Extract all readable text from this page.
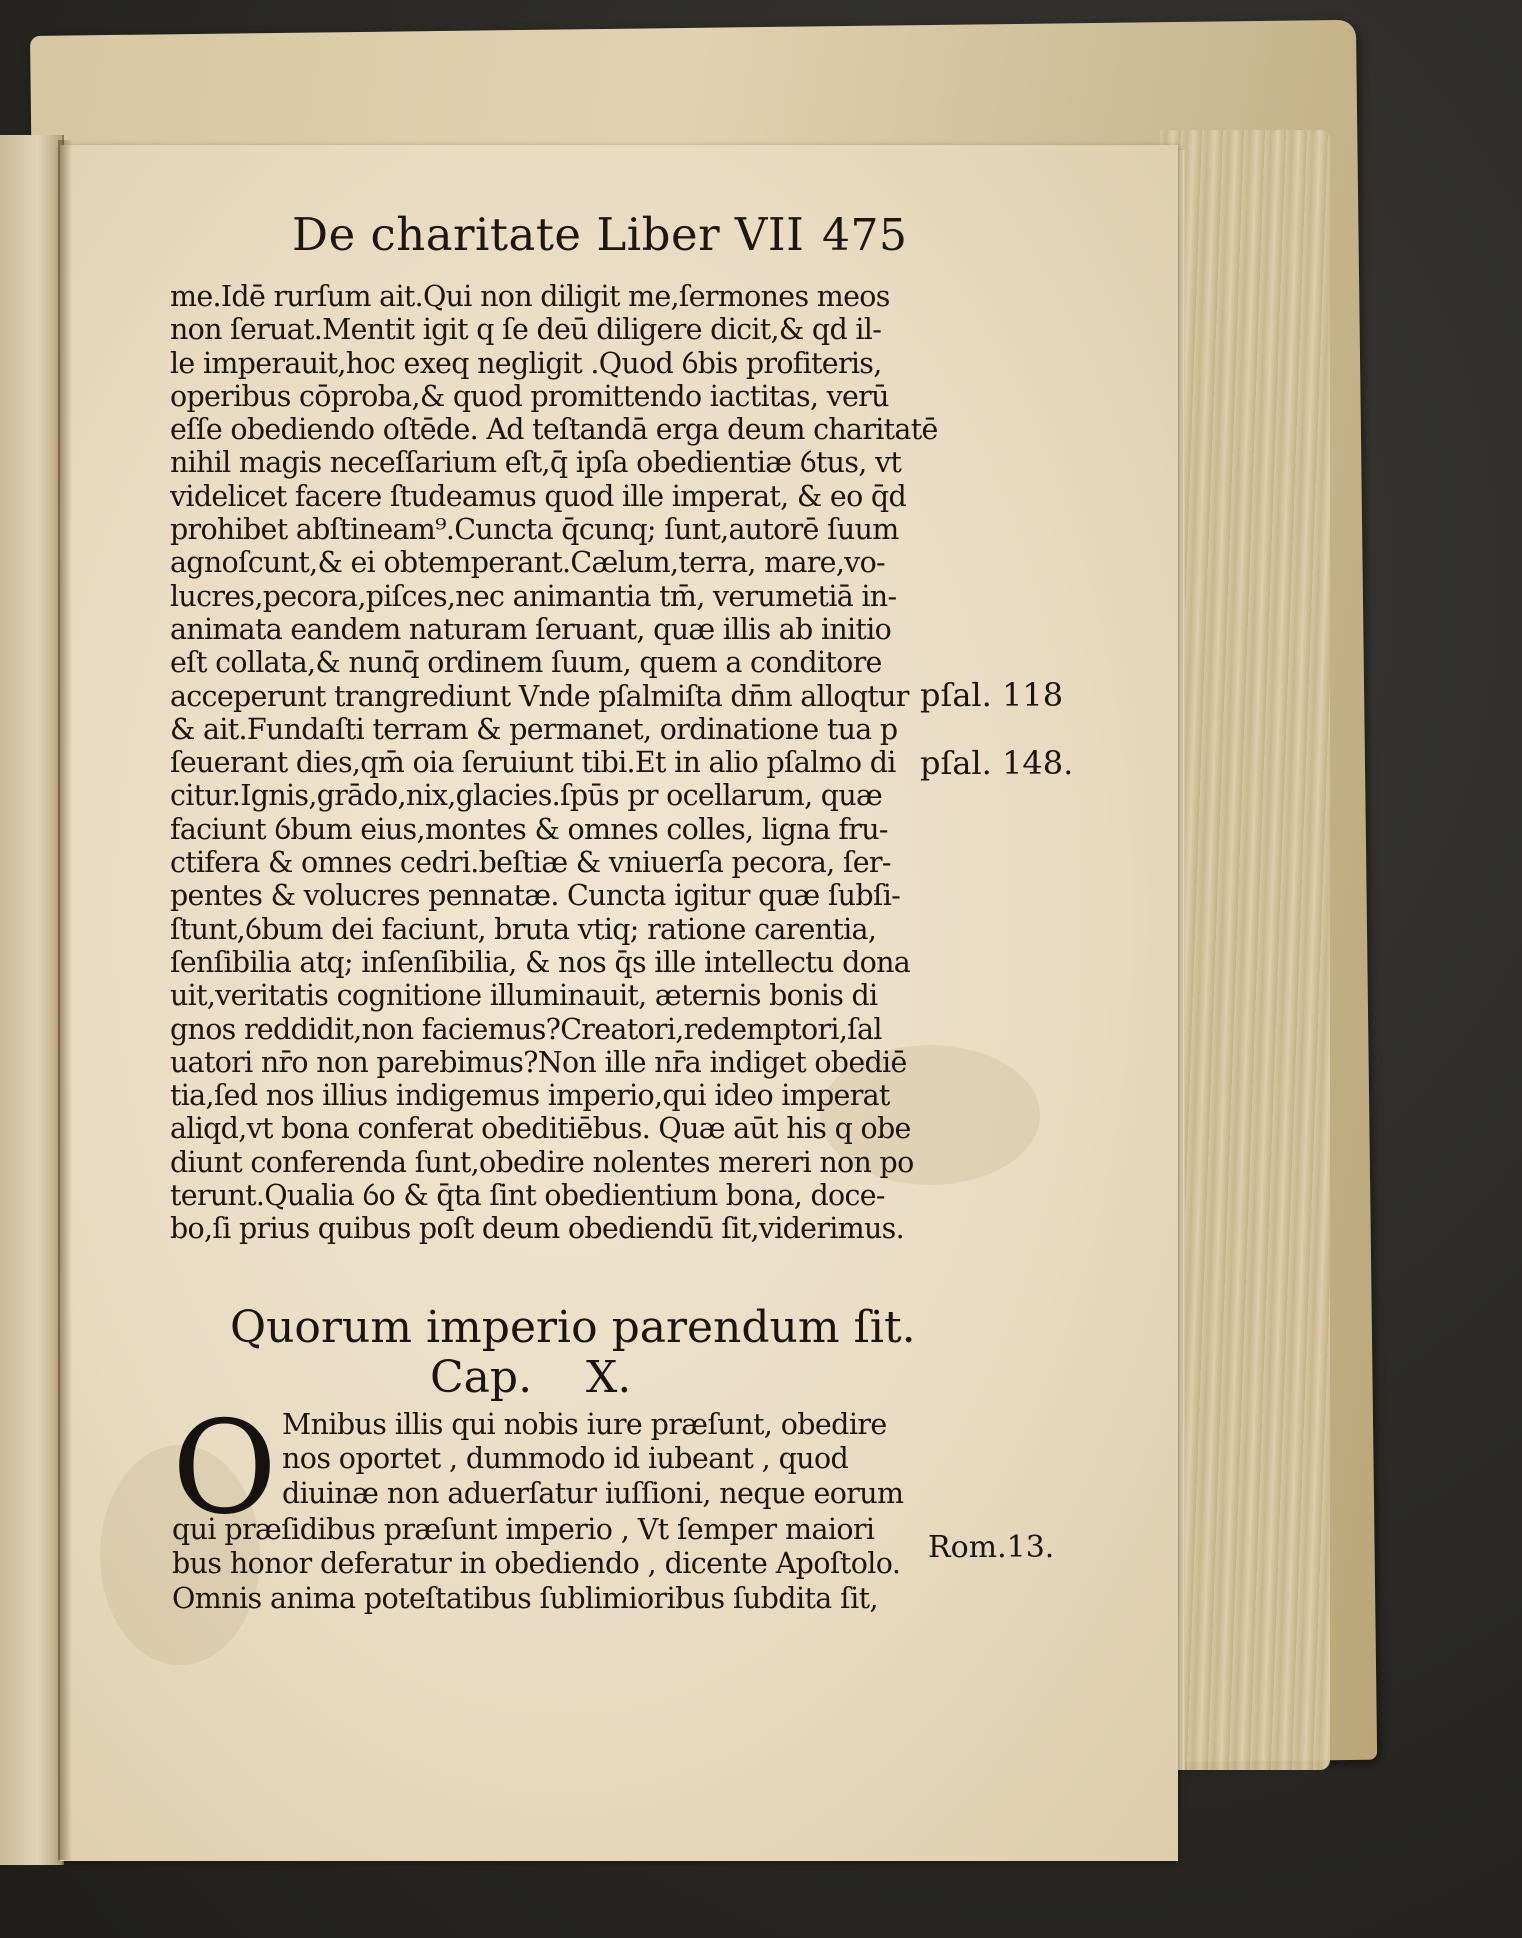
De charitate Liber VII 475
me.Idē rurſum ait.Qui non diligit me,ſermones meos
non ſeruat.Mentit igit q ſe deū diligere dicit,& qd il-
le imperauit,hoc exeq negligit .Quod ỽbis profiteris,
operibus cōproba,& quod promittendo iactitas, verū
eſſe obediendo oſtēde. Ad teſtandā erga deum charitatē
nihil magis neceſſarium eſt,q̄ ipſa obedientiæ ỽtus, vt
videlicet facere ſtudeamus quod ille imperat, & eo q̄d
prohibet abſtineam⁹.Cuncta q̄cunq; ſunt,autorē ſuum
agnoſcunt,& ei obtemperant.Cælum,terra, mare,vo-
lucres,pecora,piſces,nec animantia tm̄, verumetiā in-
animata eandem naturam ſeruant, quæ illis ab initio
eſt collata,& nunq̄ ordinem ſuum, quem a conditore
acceperunt trangrediunt Vnde pſalmiſta dn̄m alloqtur
& ait.Fundaſti terram & permanet, ordinatione tua p
ſeuerant dies,qm̄ oia ſeruiunt tibi.Et in alio pſalmo di
citur.Ignis,grādo,nix,glacies.ſpūs pr ocellarum, quæ
faciunt ỽbum eius,montes & omnes colles, ligna fru-
ctifera & omnes cedri.beſtiæ & vniuerſa pecora, ſer-
pentes & volucres pennatæ. Cuncta igitur quæ ſubſi-
ſtunt,ỽbum dei faciunt, bruta vtiq; ratione carentia,
ſenſibilia atq; inſenſibilia, & nos q̄s ille intellectu dona
uit,veritatis cognitione illuminauit, æternis bonis di
gnos reddidit,non faciemus?Creatori,redemptori,ſal
uatori nr̄o non parebimus?Non ille nr̄a indiget obediē
tia,ſed nos illius indigemus imperio,qui ideo imperat
aliqd,vt bona conferat obeditiēbus. Quæ aūt his q obe
diunt conferenda ſunt,obedire nolentes mereri non po
terunt.Qualia ỽo & q̄ta ſint obedientium bona, doce-
bo,ſi prius quibus poſt deum obediendū ſit,viderimus.
Quorum imperio parendum ſit.
Cap. X.
O Mnibus illis qui nobis iure præſunt, obedire
nos oportet , dummodo id iubeant , quod
diuinæ non aduerſatur iuſſioni, neque eorum
qui præſidibus præſunt imperio , Vt ſemper maiori
bus honor deferatur in obediendo , dicente Apoſtolo.
Omnis anima poteſtatibus ſublimioribus ſubdita ſit,
pſal. 118
pſal. 148.
Rom.13.
